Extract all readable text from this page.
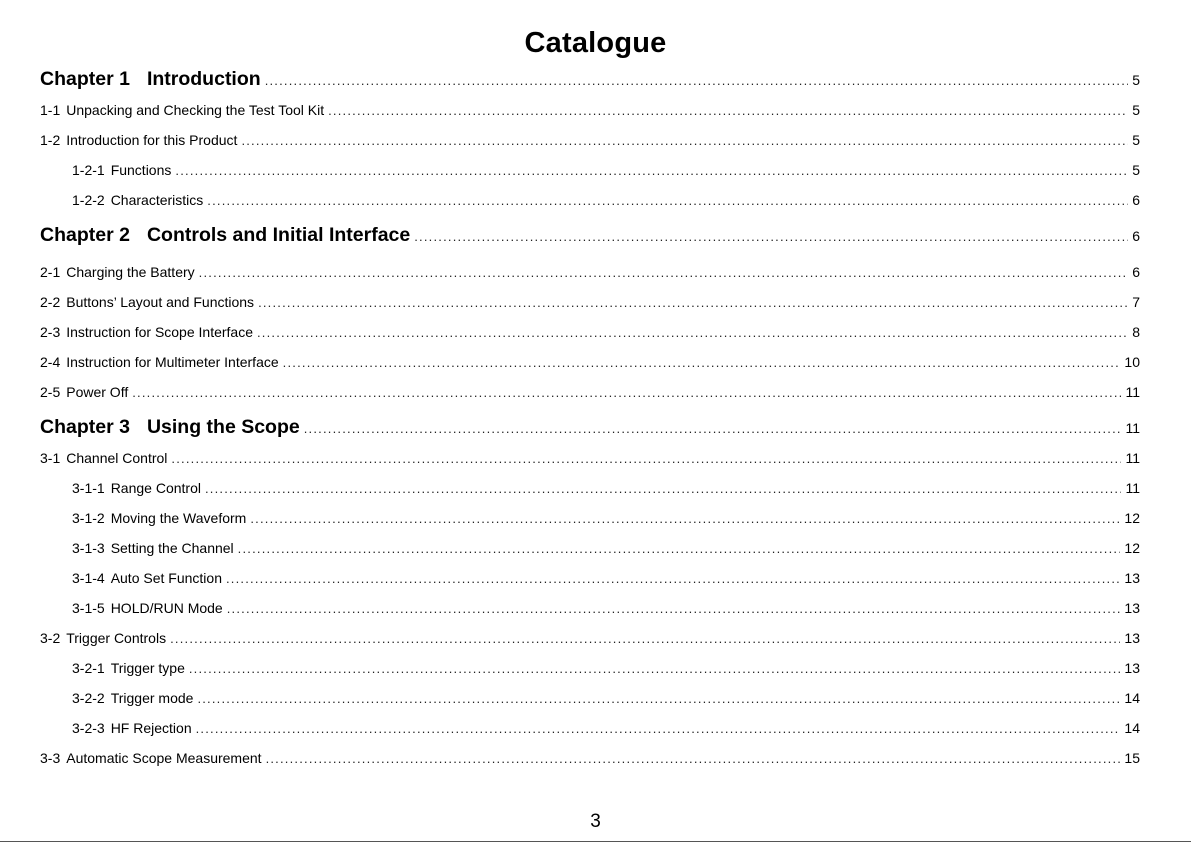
Catalogue
Chapter 1 Introduction .....	5
1-1 Unpacking and Checking the Test Tool Kit .....	5
1-2 Introduction for this Product .....	5
1-2-1 Functions .....	5
1-2-2 Characteristics .....	6
Chapter 2 Controls and Initial Interface .....	6
2-1 Charging the Battery .....	6
2-2 Buttons’ Layout and Functions .....	7
2-3 Instruction for Scope Interface .....	8
2-4 Instruction for Multimeter Interface .....	10
2-5 Power Off .....	11
Chapter 3 Using the Scope .....	11
3-1 Channel Control .....	11
3-1-1 Range Control .....	11
3-1-2 Moving the Waveform .....	12
3-1-3 Setting the Channel .....	12
3-1-4 Auto Set Function .....	13
3-1-5 HOLD/RUN Mode .....	13
3-2 Trigger Controls .....	13
3-2-1 Trigger type .....	13
3-2-2 Trigger mode .....	14
3-2-3 HF Rejection .....	14
3-3 Automatic Scope Measurement .....	15
3
